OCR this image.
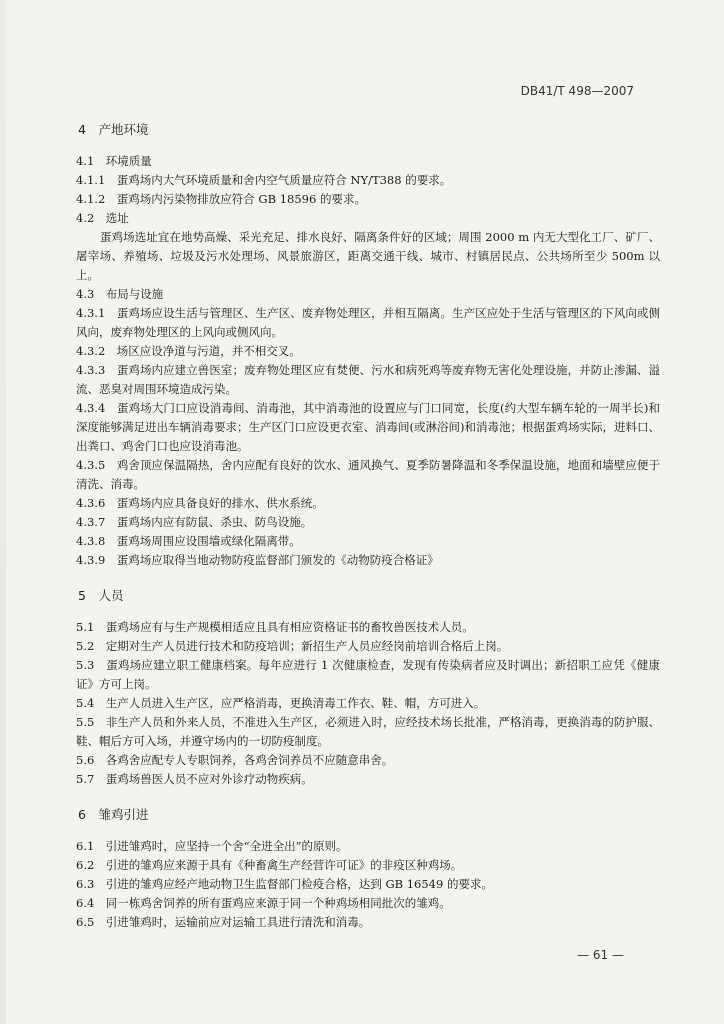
DB41/T 498—2007
4　产地环境

4.1　环境质量

4.1.1　蛋鸡场内大气环境质量和舍内空气质量应符合 NY/T388 的要求。

4.1.2　蛋鸡场内污染物排放应符合 GB 18596 的要求。

4.2　选址

蛋鸡场选址宜在地势高燥、采光充足、排水良好、隔离条件好的区域；周围 2000 m 内无大型化工厂、矿厂、屠宰场、养殖场、垃圾及污水处理场、风景旅游区，距离交通干线、城市、村镇居民点、公共场所至少 500m 以上。

4.3　布局与设施

4.3.1　蛋鸡场应设生活与管理区、生产区、废弃物处理区，并相互隔离。生产区应处于生活与管理区的下风向或侧风向，废弃物处理区的上风向或侧风向。

4.3.2　场区应设净道与污道，并不相交叉。

4.3.3　蛋鸡场内应建立兽医室；废弃物处理区应有焚便、污水和病死鸡等废弃物无害化处理设施，并防止渗漏、溢流、恶臭对周围环境造成污染。

4.3.4　蛋鸡场大门口应设消毒间、消毒池，其中消毒池的设置应与门口同宽，长度(约大型车辆车轮的一周半长)和深度能够满足进出车辆消毒要求；生产区门口应设更衣室、消毒间(或淋浴间)和消毒池；根据蛋鸡场实际，进料口、出粪口、鸡舍门口也应设消毒池。

4.3.5　鸡舍顶应保温隔热，舍内应配有良好的饮水、通风换气、夏季防暑降温和冬季保温设施，地面和墙壁应便于清洗、消毒。

4.3.6　蛋鸡场内应具备良好的排水、供水系统。

4.3.7　蛋鸡场内应有防鼠、杀虫、防鸟设施。

4.3.8　蛋鸡场周围应设围墙或绿化隔离带。

4.3.9　蛋鸡场应取得当地动物防疫监督部门颁发的《动物防疫合格证》

5　人员

5.1　蛋鸡场应有与生产规模相适应且具有相应资格证书的畜牧兽医技术人员。

5.2　定期对生产人员进行技术和防疫培训；新招生产人员应经岗前培训合格后上岗。

5.3　蛋鸡场应建立职工健康档案。每年应进行 1 次健康检查，发现有传染病者应及时调出；新招职工应凭《健康证》方可上岗。

5.4　生产人员进入生产区，应严格消毒，更换清毒工作衣、鞋、帽，方可进入。

5.5　非生产人员和外来人员，不准进入生产区，必须进入时，应经技术场长批准，严格消毒，更换消毒的防护服、鞋、帽后方可入场，并遵守场内的一切防疫制度。

5.6　各鸡舍应配专人专职饲养，各鸡舍饲养员不应随意串舍。

5.7　蛋鸡场兽医人员不应对外诊疗动物疾病。

6　雏鸡引进

6.1　引进雏鸡时，应坚持一个舍“全进全出”的原则。

6.2　引进的雏鸡应来源于具有《种畜禽生产经营许可证》的非疫区种鸡场。

6.3　引进的雏鸡应经产地动物卫生监督部门检疫合格，达到 GB 16549 的要求。

6.4　同一栋鸡舍饲养的所有蛋鸡应来源于同一个种鸡场相同批次的雏鸡。

6.5　引进雏鸡时，运输前应对运输工具进行清洗和消毒。

— 61 —
